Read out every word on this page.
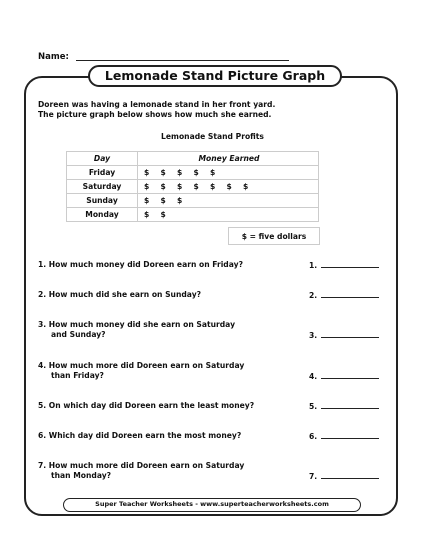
Name:
Lemonade Stand Picture Graph
Doreen was having a lemonade stand in her front yard.
The picture graph below shows how much she earned.
Lemonade Stand Profits
Day	Money Earned
Friday	$ $ $ $ $
Saturday	$ $ $ $ $ $ $
Sunday	$ $ $
Monday	$ $
$ = five dollars
1. How much money did Doreen earn on Friday?	1.
2. How much did she earn on Sunday?	2.
3. How much money did she earn on Saturday
and Sunday?	3.
4. How much more did Doreen earn on Saturday
than Friday?	4.
5. On which day did Doreen earn the least money?	5.
6. Which day did Doreen earn the most money?	6.
7. How much more did Doreen earn on Saturday
than Monday?	7.
Super Teacher Worksheets - www.superteacherworksheets.com
